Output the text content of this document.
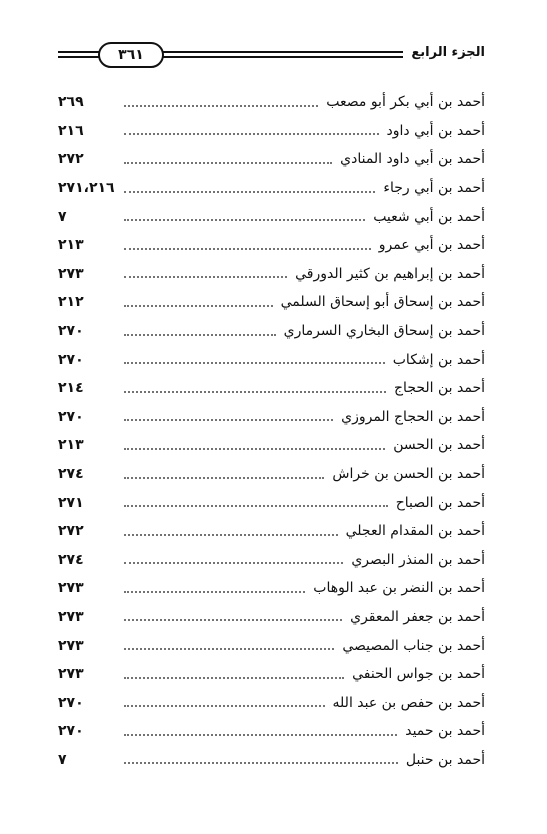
الجزء الرابع
٣٦١
أحمد بن أبي بكر أبو مصعب
٢٦٩
أحمد بن أبي داود
٢١٦
أحمد بن أبي داود المنادي
٢٧٢
أحمد بن أبي رجاء
٢٧١،٢١٦
أحمد بن أبي شعيب
٧
أحمد بن أبي عمرو
٢١٣
أحمد بن إبراهيم بن كثير الدورقي
٢٧٣
أحمد بن إسحاق أبو إسحاق السلمي
٢١٢
أحمد بن إسحاق البخاري السرماري
٢٧٠
أحمد بن إشكاب
٢٧٠
أحمد بن الحجاج
٢١٤
أحمد بن الحجاج المروزي
٢٧٠
أحمد بن الحسن
٢١٣
أحمد بن الحسن بن خراش
٢٧٤
أحمد بن الصباح
٢٧١
أحمد بن المقدام العجلي
٢٧٢
أحمد بن المنذر البصري
٢٧٤
أحمد بن النضر بن عبد الوهاب
٢٧٣
أحمد بن جعفر المعقري
٢٧٣
أحمد بن جناب المصيصي
٢٧٣
أحمد بن جواس الحنفي
٢٧٣
أحمد بن حفص بن عبد الله
٢٧٠
أحمد بن حميد
٢٧٠
أحمد بن حنبل
٧
